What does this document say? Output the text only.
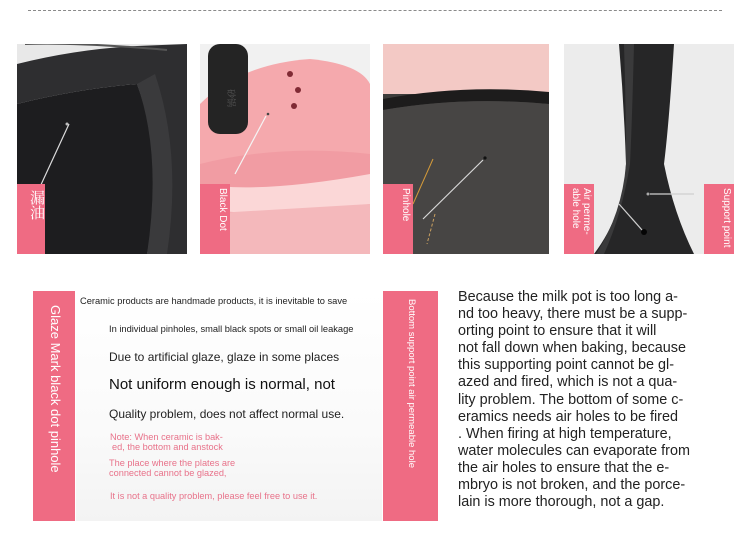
漏油
砂锅
Black Dot	Pinhole	Air perme- able hole	Support point
Glaze Mark black dot pinhole
Ceramic products are handmade products, it is inevitable to save
In individual pinholes, small black spots or small oil leakage
Due to artificial glaze, glaze in some places
Not uniform enough is normal, not
Quality problem, does not affect normal use.
Note: When ceramic is bak-
ed, the bottom and anstock
The place where the plates are
connected cannot be glazed,
It is not a quality problem, please feel free to use it.
Bottom support point air permeable hole
Because the milk pot is too long a-
nd too heavy, there must be a supp-
orting point to ensure that it will
not fall down when baking, because
this supporting point cannot be gl-
azed and fired, which is not a qua-
lity problem. The bottom of some c-
eramics needs air holes to be fired
. When firing at high temperature,
water molecules can evaporate from
the air holes to ensure that the e-
mbryo is not broken, and the porce-
lain is more thorough, not a gap.
